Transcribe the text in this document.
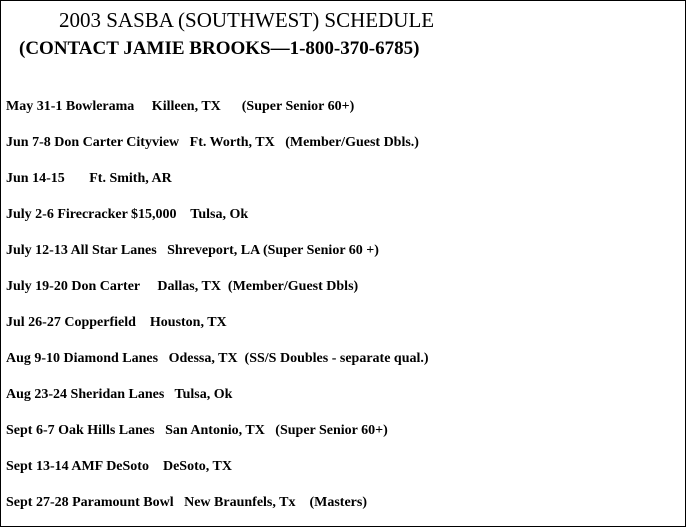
2003 SASBA (SOUTHWEST) SCHEDULE
(CONTACT JAMIE BROOKS—1-800-370-6785)
May 31-1 Bowlerama     Killeen, TX      (Super Senior 60+)
Jun 7-8 Don Carter Cityview   Ft. Worth, TX   (Member/Guest Dbls.)
Jun 14-15       Ft. Smith, AR
July 2-6 Firecracker $15,000    Tulsa, Ok
July 12-13 All Star Lanes   Shreveport, LA (Super Senior 60 +)
July 19-20 Don Carter     Dallas, TX  (Member/Guest Dbls)
Jul 26-27 Copperfield    Houston, TX
Aug 9-10 Diamond Lanes   Odessa, TX  (SS/S Doubles - separate qual.)
Aug 23-24 Sheridan Lanes   Tulsa, Ok
Sept 6-7 Oak Hills Lanes   San Antonio, TX   (Super Senior 60+)
Sept 13-14 AMF DeSoto    DeSoto, TX
Sept 27-28 Paramount Bowl   New Braunfels, Tx    (Masters)
